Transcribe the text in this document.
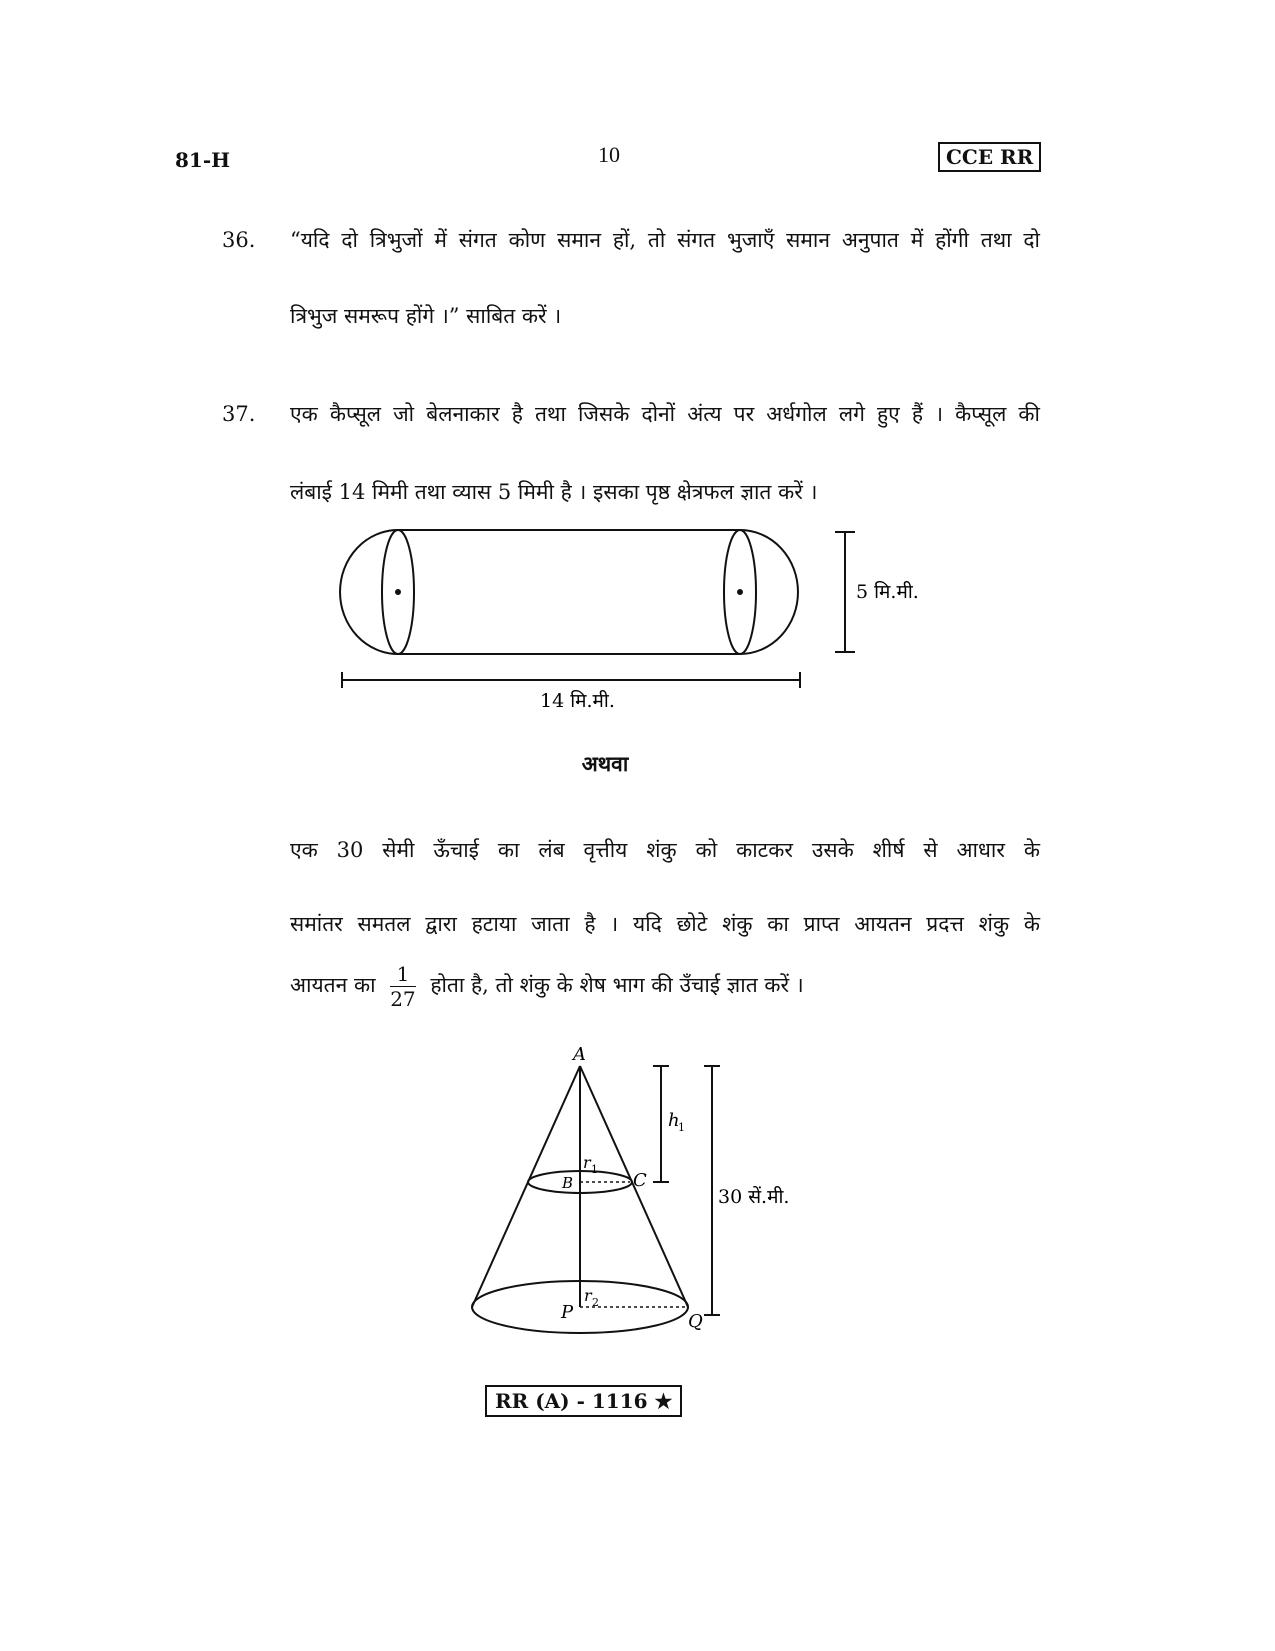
81-H	10	CCE RR
36. “यदि दो त्रिभुजों में संगत कोण समान हों, तो संगत भुजाएँ समान अनुपात में होंगी तथा दो
त्रिभुज समरूप होंगे ।” साबित करें ।
37. एक कैप्सूल जो बेलनाकार है तथा जिसके दोनों अंत्य पर अर्धगोल लगे हुए हैं । कैप्सूल की
लंबाई 14 मिमी तथा व्यास 5 मिमी है । इसका पृष्ठ क्षेत्रफल ज्ञात करें ।
5 मि.मी.
14 मि.मी.
अथवा
एक 30 सेमी ऊँचाई का लंब वृत्तीय शंकु को काटकर उसके शीर्ष से आधार के
समांतर समतल द्वारा हटाया जाता है । यदि छोटे शंकु का प्राप्त आयतन प्रदत्त शंकु के
आयतन का $\frac{1}{27}$ होता है, तो शंकु के शेष भाग की उँचाई ज्ञात करें ।
A
B	C
P	Q
r 1
r 2
h
1
30 सें.मी.
RR (A) - 1116 ★
